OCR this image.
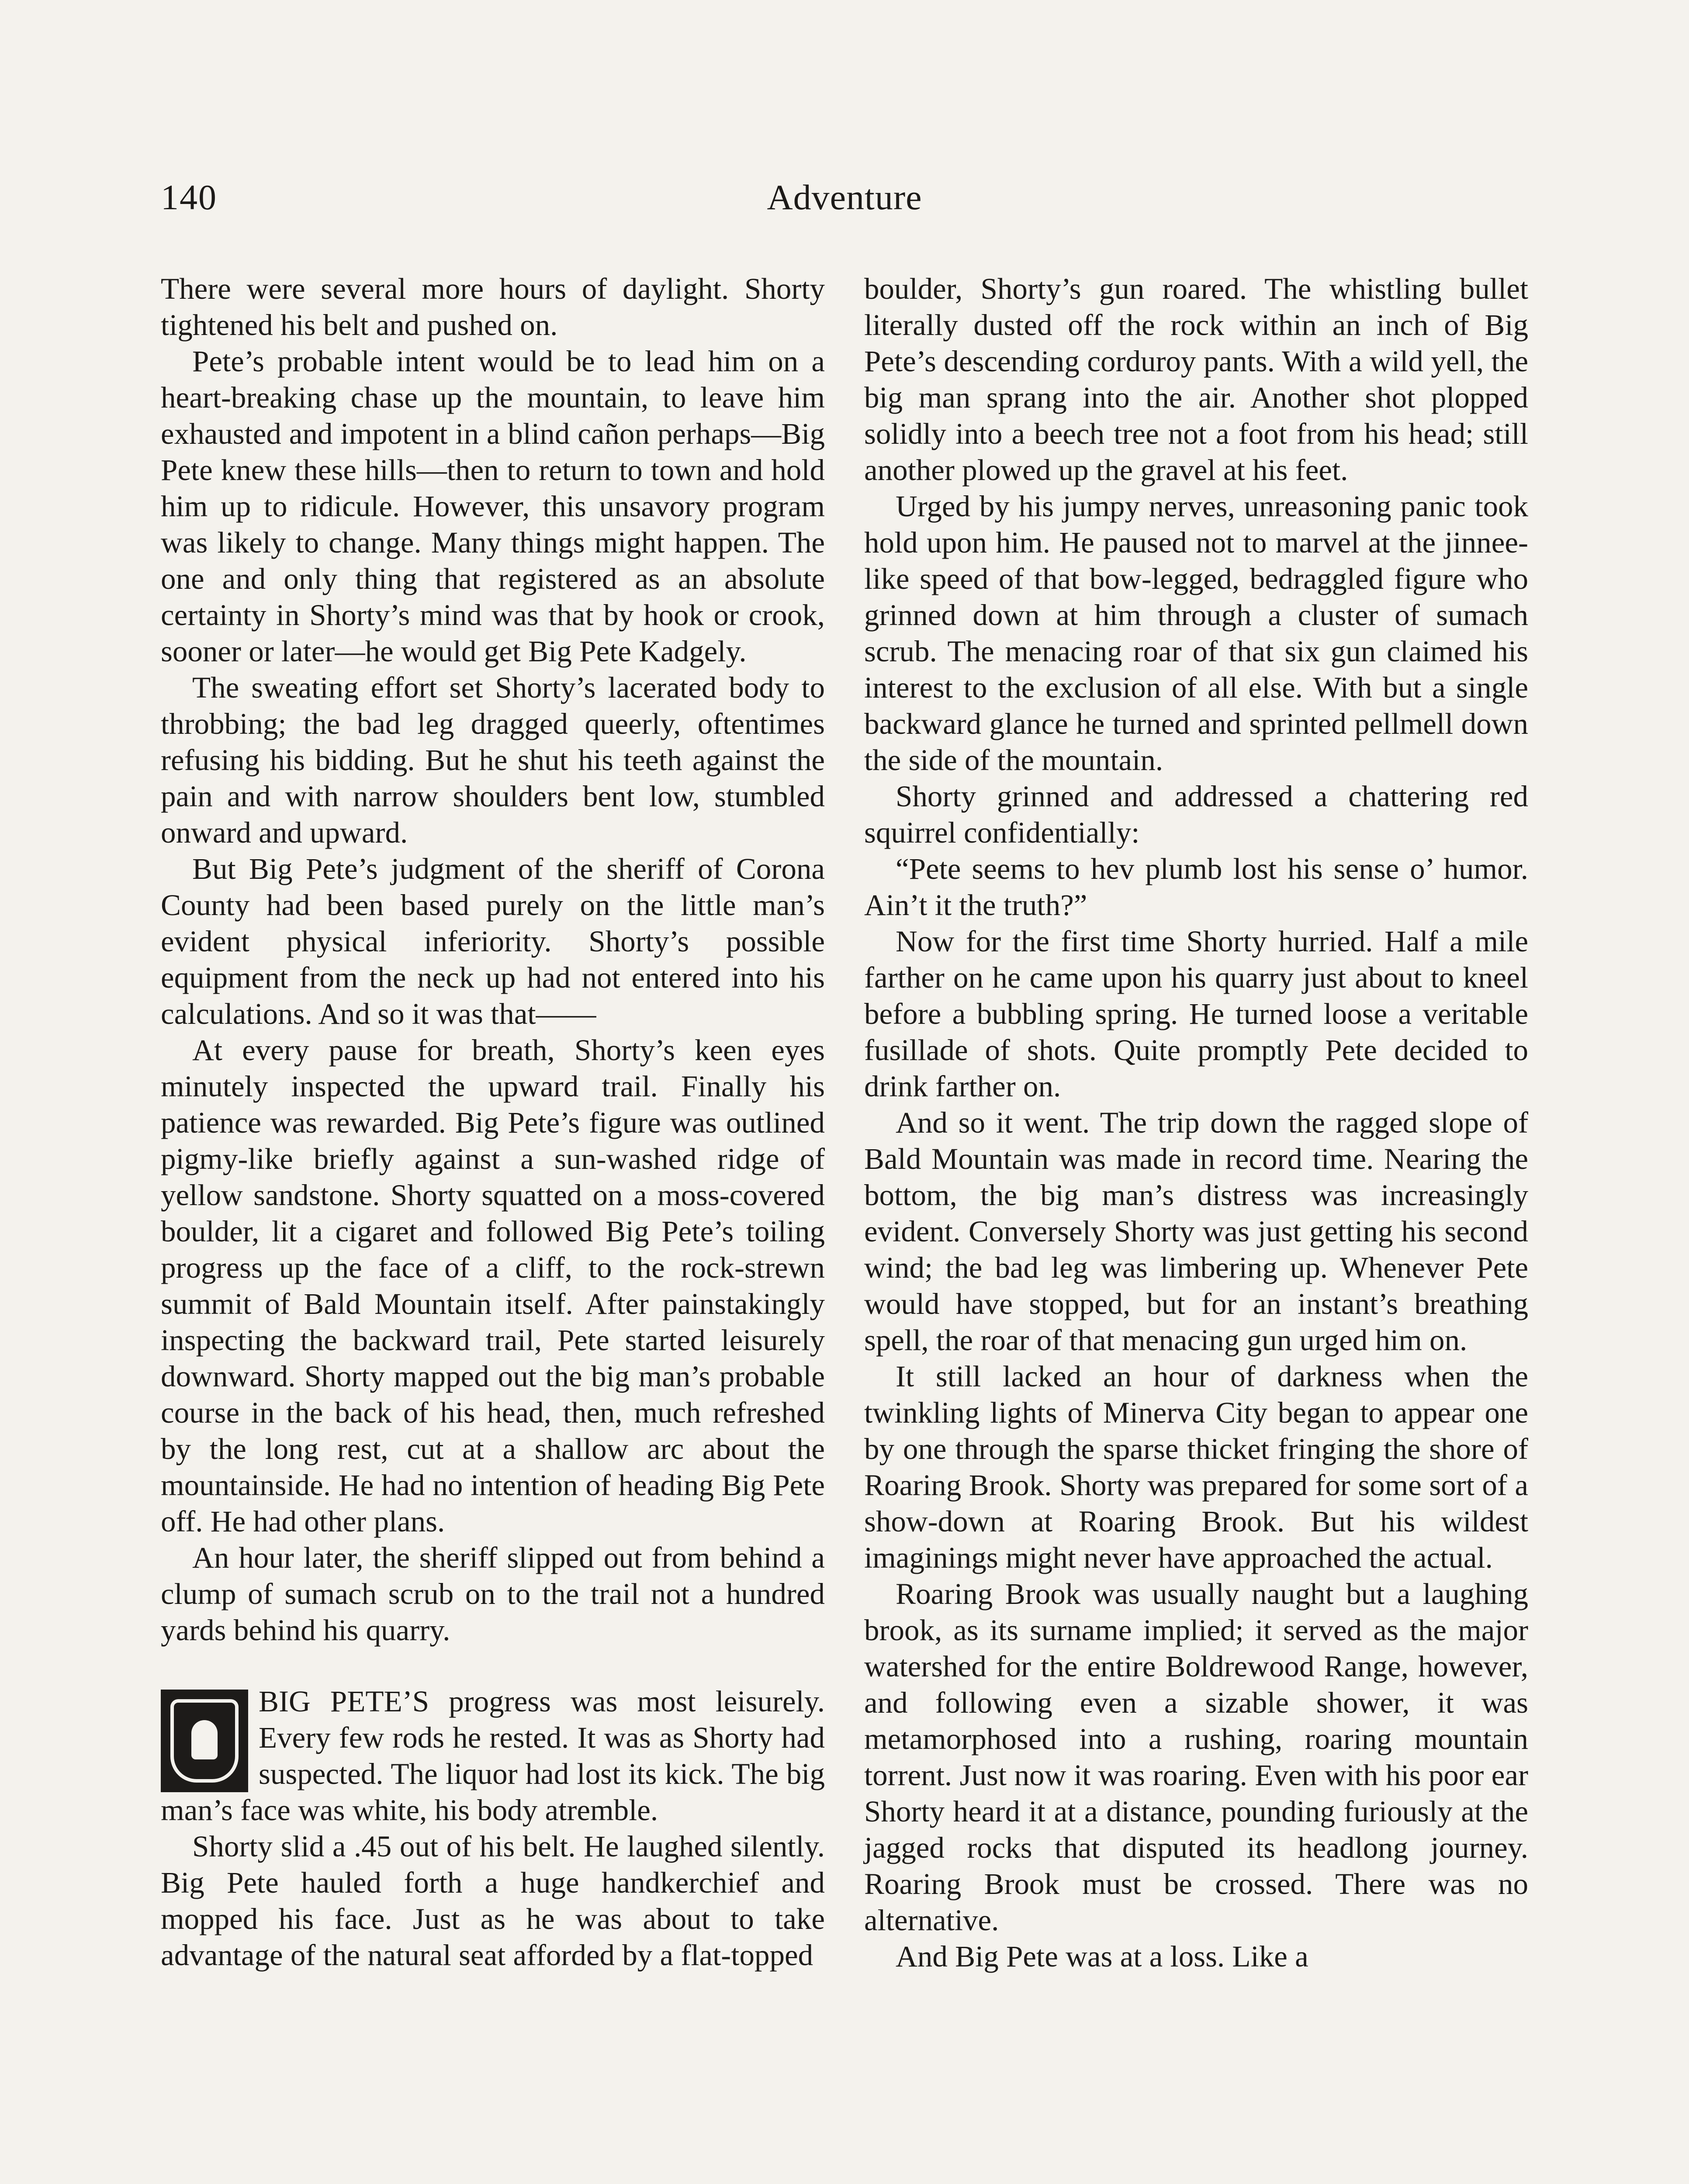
140	Adventure

There were several more hours of daylight. Shorty tightened his belt and pushed on.

Pete’s probable intent would be to lead him on a heart-breaking chase up the mountain, to leave him exhausted and impotent in a blind cañon perhaps—Big Pete knew these hills—then to return to town and hold him up to ridicule. However, this unsavory program was likely to change. Many things might happen. The one and only thing that registered as an absolute certainty in Shorty’s mind was that by hook or crook, sooner or later—he would get Big Pete Kadgely.

The sweating effort set Shorty’s lacerated body to throbbing; the bad leg dragged queerly, oftentimes refusing his bidding. But he shut his teeth against the pain and with narrow shoulders bent low, stumbled onward and upward.

But Big Pete’s judgment of the sheriff of Corona County had been based purely on the little man’s evident physical inferiority. Shorty’s possible equipment from the neck up had not entered into his calculations. And so it was that——

At every pause for breath, Shorty’s keen eyes minutely inspected the upward trail. Finally his patience was rewarded. Big Pete’s figure was outlined pigmy-like briefly against a sun-washed ridge of yellow sandstone. Shorty squatted on a moss-covered boulder, lit a cigaret and followed Big Pete’s toiling progress up the face of a cliff, to the rock-strewn summit of Bald Mountain itself. After painstakingly inspecting the backward trail, Pete started leisurely downward. Shorty mapped out the big man’s probable course in the back of his head, then, much refreshed by the long rest, cut at a shallow arc about the mountainside. He had no intention of heading Big Pete off. He had other plans.

An hour later, the sheriff slipped out from behind a clump of sumach scrub on to the trail not a hundred yards behind his quarry.

BIG PETE’S progress was most leisurely. Every few rods he rested. It was as Shorty had suspected. The liquor had lost its kick. The big man’s face was white, his body atremble.

Shorty slid a .45 out of his belt. He laughed silently. Big Pete hauled forth a huge handkerchief and mopped his face. Just as he was about to take advantage of the natural seat afforded by a flat-topped

boulder, Shorty’s gun roared. The whistling bullet literally dusted off the rock within an inch of Big Pete’s descending corduroy pants. With a wild yell, the big man sprang into the air. Another shot plopped solidly into a beech tree not a foot from his head; still another plowed up the gravel at his feet.

Urged by his jumpy nerves, unreasoning panic took hold upon him. He paused not to marvel at the jinnee-like speed of that bow-legged, bedraggled figure who grinned down at him through a cluster of sumach scrub. The menacing roar of that six gun claimed his interest to the exclusion of all else. With but a single backward glance he turned and sprinted pellmell down the side of the mountain.

Shorty grinned and addressed a chattering red squirrel confidentially:

“Pete seems to hev plumb lost his sense o’ humor. Ain’t it the truth?”

Now for the first time Shorty hurried. Half a mile farther on he came upon his quarry just about to kneel before a bubbling spring. He turned loose a veritable fusillade of shots. Quite promptly Pete decided to drink farther on.

And so it went. The trip down the ragged slope of Bald Mountain was made in record time. Nearing the bottom, the big man’s distress was increasingly evident. Conversely Shorty was just getting his second wind; the bad leg was limbering up. Whenever Pete would have stopped, but for an instant’s breathing spell, the roar of that menacing gun urged him on.

It still lacked an hour of darkness when the twinkling lights of Minerva City began to appear one by one through the sparse thicket fringing the shore of Roaring Brook. Shorty was prepared for some sort of a show-down at Roaring Brook. But his wildest imaginings might never have approached the actual.

Roaring Brook was usually naught but a laughing brook, as its surname implied; it served as the major watershed for the entire Boldrewood Range, however, and following even a sizable shower, it was metamorphosed into a rushing, roaring mountain torrent. Just now it was roaring. Even with his poor ear Shorty heard it at a distance, pounding furiously at the jagged rocks that disputed its headlong journey. Roaring Brook must be crossed. There was no alternative.

And Big Pete was at a loss. Like a
